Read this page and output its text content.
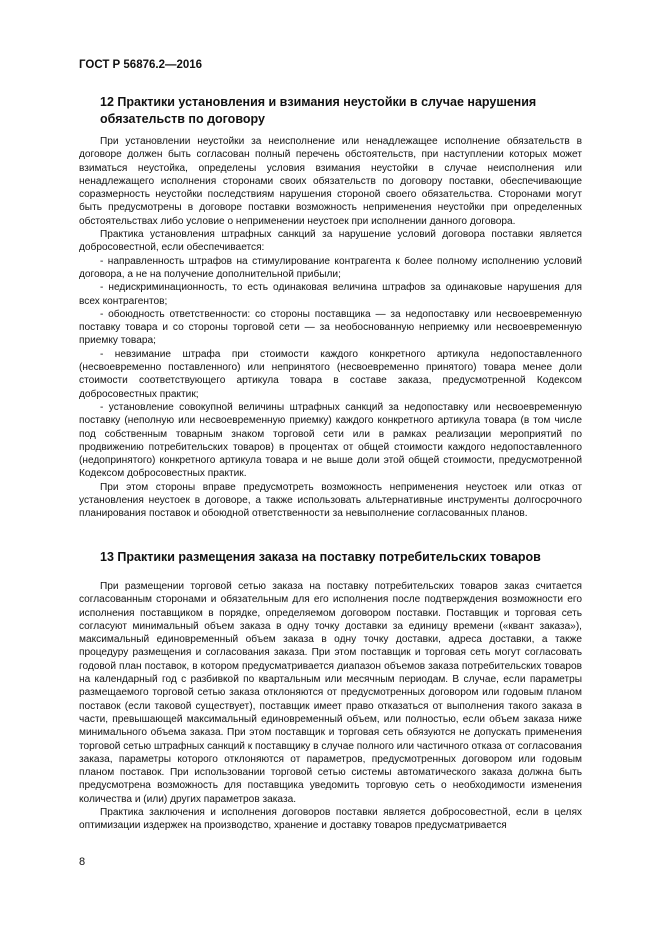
ГОСТ Р 56876.2—2016

12 Практики установления и взимания неустойки в случае нарушения обязательств по договору

При установлении неустойки за неисполнение или ненадлежащее исполнение обязательств в договоре должен быть согласован полный перечень обстоятельств, при наступлении которых может взиматься неустойка, определены условия взимания неустойки в случае неисполнения или ненадлежащего исполнения сторонами своих обязательств по договору поставки, обеспечивающие соразмерность неустойки последствиям нарушения стороной своего обязательства. Сторонами могут быть предусмотрены в договоре поставки возможность неприменения неустойки при определенных обстоятельствах либо условие о неприменении неустоек при исполнении данного договора.

Практика установления штрафных санкций за нарушение условий договора поставки является добросовестной, если обеспечивается:

- направленность штрафов на стимулирование контрагента к более полному исполнению условий договора, а не на получение дополнительной прибыли;

- недискриминационность, то есть одинаковая величина штрафов за одинаковые нарушения для всех контрагентов;

- обоюдность ответственности: со стороны поставщика — за недопоставку или несвоевременную поставку товара и со стороны торговой сети — за необоснованную неприемку или несвоевременную приемку товара;

- невзимание штрафа при стоимости каждого конкретного артикула недопоставленного (несвоевременно поставленного) или непринятого (несвоевременно принятого) товара менее доли стоимости соответствующего артикула товара в составе заказа, предусмотренной Кодексом добросовестных практик;

- установление совокупной величины штрафных санкций за недопоставку или несвоевременную поставку (неполную или несвоевременную приемку) каждого конкретного артикула товара (в том числе под собственным товарным знаком торговой сети или в рамках реализации мероприятий по продвижению потребительских товаров) в процентах от общей стоимости каждого недопоставленного (недопринятого) конкретного артикула товара и не выше доли этой общей стоимости, предусмотренной Кодексом добросовестных практик.

При этом стороны вправе предусмотреть возможность неприменения неустоек или отказ от установления неустоек в договоре, а также использовать альтернативные инструменты долгосрочного планирования поставок и обоюдной ответственности за невыполнение согласованных планов.

13 Практики размещения заказа на поставку потребительских товаров

При размещении торговой сетью заказа на поставку потребительских товаров заказ считается согласованным сторонами и обязательным для его исполнения после подтверждения возможности его исполнения поставщиком в порядке, определяемом договором поставки. Поставщик и торговая сеть согласуют минимальный объем заказа в одну точку доставки за единицу времени («квант заказа»), максимальный единовременный объем заказа в одну точку доставки, адреса доставки, а также процедуру размещения и согласования заказа. При этом поставщик и торговая сеть могут согласовать годовой план поставок, в котором предусматривается диапазон объемов заказа потребительских товаров на календарный год с разбивкой по квартальным или месячным периодам. В случае, если параметры размещаемого торговой сетью заказа отклоняются от предусмотренных договором или годовым планом поставок (если таковой существует), поставщик имеет право отказаться от выполнения такого заказа в части, превышающей максимальный единовременный объем, или полностью, если объем заказа ниже минимального объема заказа. При этом поставщик и торговая сеть обязуются не допускать применения торговой сетью штрафных санкций к поставщику в случае полного или частичного отказа от согласования заказа, параметры которого отклоняются от параметров, предусмотренных договором или годовым планом поставок. При использовании торговой сетью системы автоматического заказа должна быть предусмотрена возможность для поставщика уведомить торговую сеть о необходимости изменения количества и (или) других параметров заказа.

Практика заключения и исполнения договоров поставки является добросовестной, если в целях оптимизации издержек на производство, хранение и доставку товаров предусматривается

8
